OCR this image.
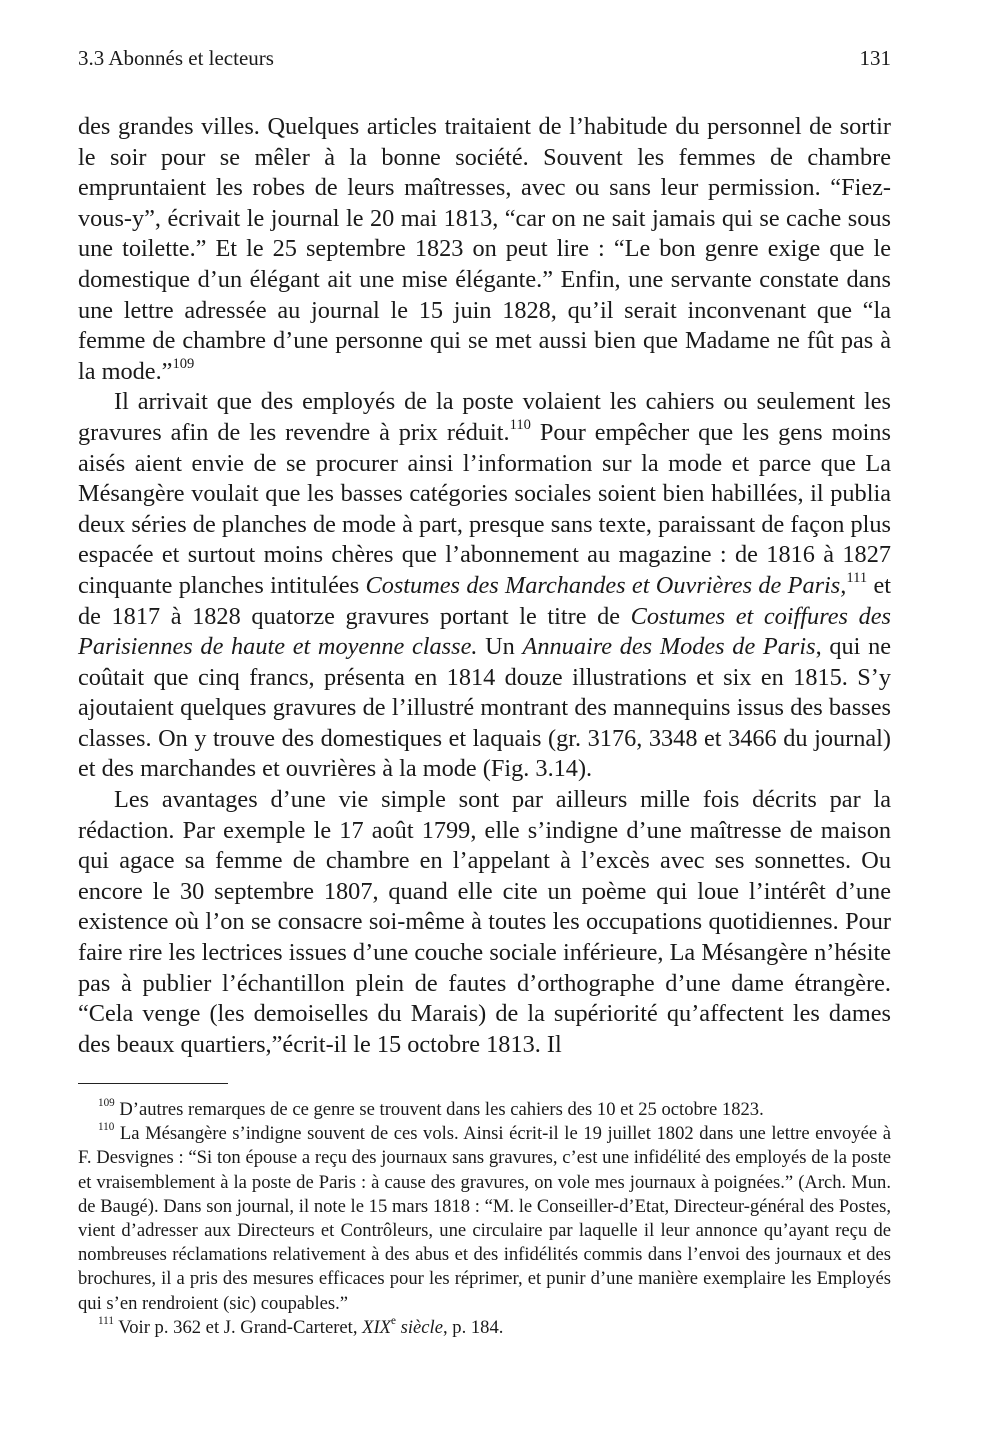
3.3 Abonnés et lecteurs	131

des grandes villes. Quelques articles traitaient de l’habitude du personnel de sortir le soir pour se mêler à la bonne société. Souvent les femmes de chambre empruntaient les robes de leurs maîtresses, avec ou sans leur permission. “Fiez-vous-y”, écrivait le journal le 20 mai 1813, “car on ne sait jamais qui se cache sous une toilette.” Et le 25 septembre 1823 on peut lire : “Le bon genre exige que le domestique d’un élégant ait une mise élégante.” Enfin, une servante constate dans une lettre adressée au journal le 15 juin 1828, qu’il serait inconvenant que “la femme de chambre d’une personne qui se met aussi bien que Madame ne fût pas à la mode.”$^{109}$

Il arrivait que des employés de la poste volaient les cahiers ou seulement les gravures afin de les revendre à prix réduit.$^{110}$ Pour empêcher que les gens moins aisés aient envie de se procurer ainsi l’information sur la mode et parce que La Mésangère voulait que les basses catégories sociales soient bien habillées, il publia deux séries de planches de mode à part, presque sans texte, paraissant de façon plus espacée et surtout moins chères que l’abonnement au magazine : de 1816 à 1827 cinquante planches intitulées Costumes des Marchandes et Ouvrières de Paris,$^{111}$ et de 1817 à 1828 quatorze gravures portant le titre de Costumes et coiffures des Parisiennes de haute et moyenne classe. Un Annuaire des Modes de Paris, qui ne coûtait que cinq francs, présenta en 1814 douze illustrations et six en 1815. S’y ajoutaient quelques gravures de l’illustré montrant des mannequins issus des basses classes. On y trouve des domestiques et laquais (gr. 3176, 3348 et 3466 du journal) et des marchandes et ouvrières à la mode (Fig. 3.14).

Les avantages d’une vie simple sont par ailleurs mille fois décrits par la rédaction. Par exemple le 17 août 1799, elle s’indigne d’une maîtresse de maison qui agace sa femme de chambre en l’appelant à l’excès avec ses sonnettes. Ou encore le 30 septembre 1807, quand elle cite un poème qui loue l’intérêt d’une existence où l’on se consacre soi-même à toutes les occupations quotidiennes. Pour faire rire les lectrices issues d’une couche sociale inférieure, La Mésangère n’hésite pas à publier l’échantillon plein de fautes d’orthographe d’une dame étrangère. “Cela venge (les demoiselles du Marais) de la supériorité qu’affectent les dames des beaux quartiers,”écrit-il le 15 octobre 1813. Il

$^{109}$ D’autres remarques de ce genre se trouvent dans les cahiers des 10 et 25 octobre 1823.

$^{110}$ La Mésangère s’indigne souvent de ces vols. Ainsi écrit-il le 19 juillet 1802 dans une lettre envoyée à F. Desvignes : “Si ton épouse a reçu des journaux sans gravures, c’est une infidélité des employés de la poste et vraisemblement à la poste de Paris : à cause des gravures, on vole mes journaux à poignées.” (Arch. Mun. de Baugé). Dans son journal, il note le 15 mars 1818 : “M. le Conseiller-d’Etat, Directeur-général des Postes, vient d’adresser aux Directeurs et Contrôleurs, une circulaire par laquelle il leur annonce qu’ayant reçu de nombreuses réclamations relativement à des abus et des infidélités commis dans l’envoi des journaux et des brochures, il a pris des mesures efficaces pour les réprimer, et punir d’une manière exemplaire les Employés qui s’en rendroient (sic) coupables.”

$^{111}$ Voir p. 362 et J. Grand-Carteret, XIXe siècle, p. 184.
